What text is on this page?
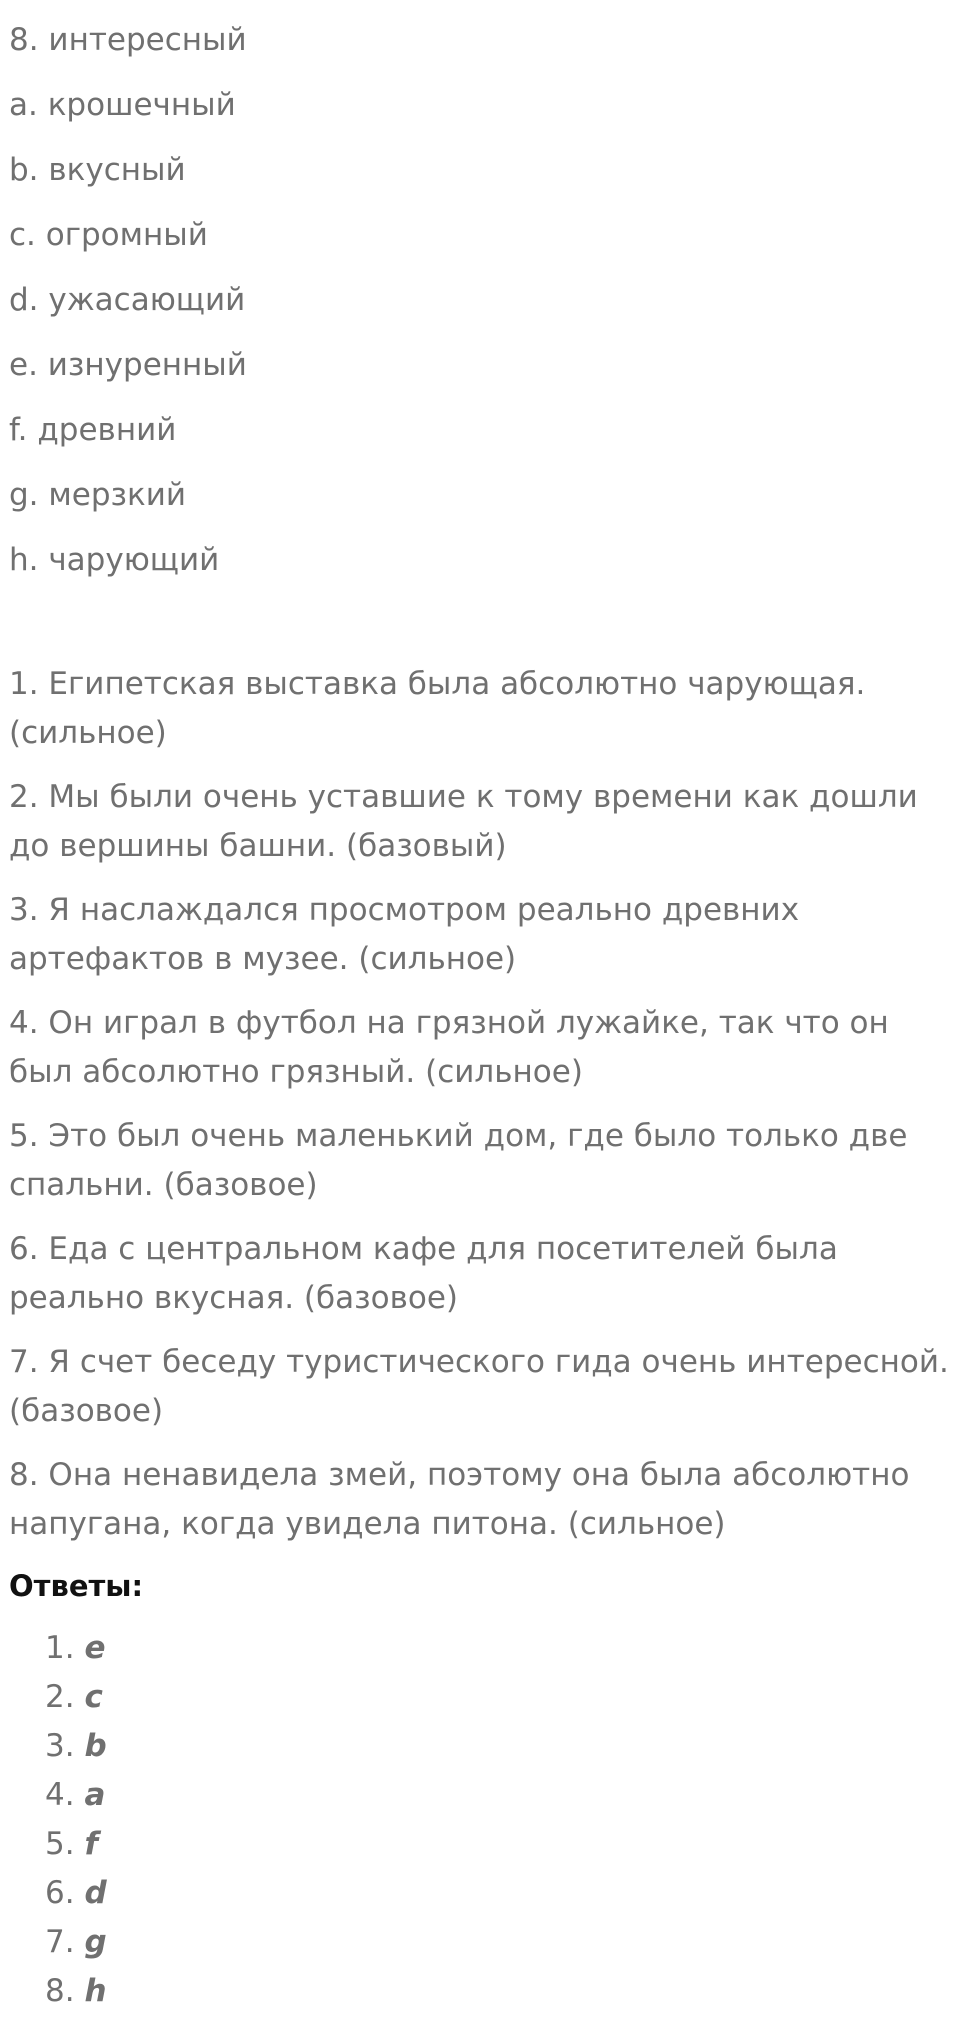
8. интересный
a. крошечный
b. вкусный
c. огромный
d. ужасающий
e. изнуренный
f. древний
g. мерзкий
h. чарующий
1. Египетская выставка была абсолютно чарующая. (сильное)
2. Мы были очень уставшие к тому времени как дошли до вершины башни. (базовый)
3. Я наслаждался просмотром реально древних артефактов в музее. (сильное)
4. Он играл в футбол на грязной лужайке, так что он был абсолютно грязный. (сильное)
5. Это был очень маленький дом, где было только две спальни. (базовое)
6. Еда с центральном кафе для посетителей была реально вкусная. (базовое)
7. Я счет беседу туристического гида очень интересной. (базовое)
8. Она ненавидела змей, поэтому она была абсолютно напугана, когда увидела питона. (сильное)
Ответы:
1. e
2. c
3. b
4. a
5. f
6. d
7. g
8. h
